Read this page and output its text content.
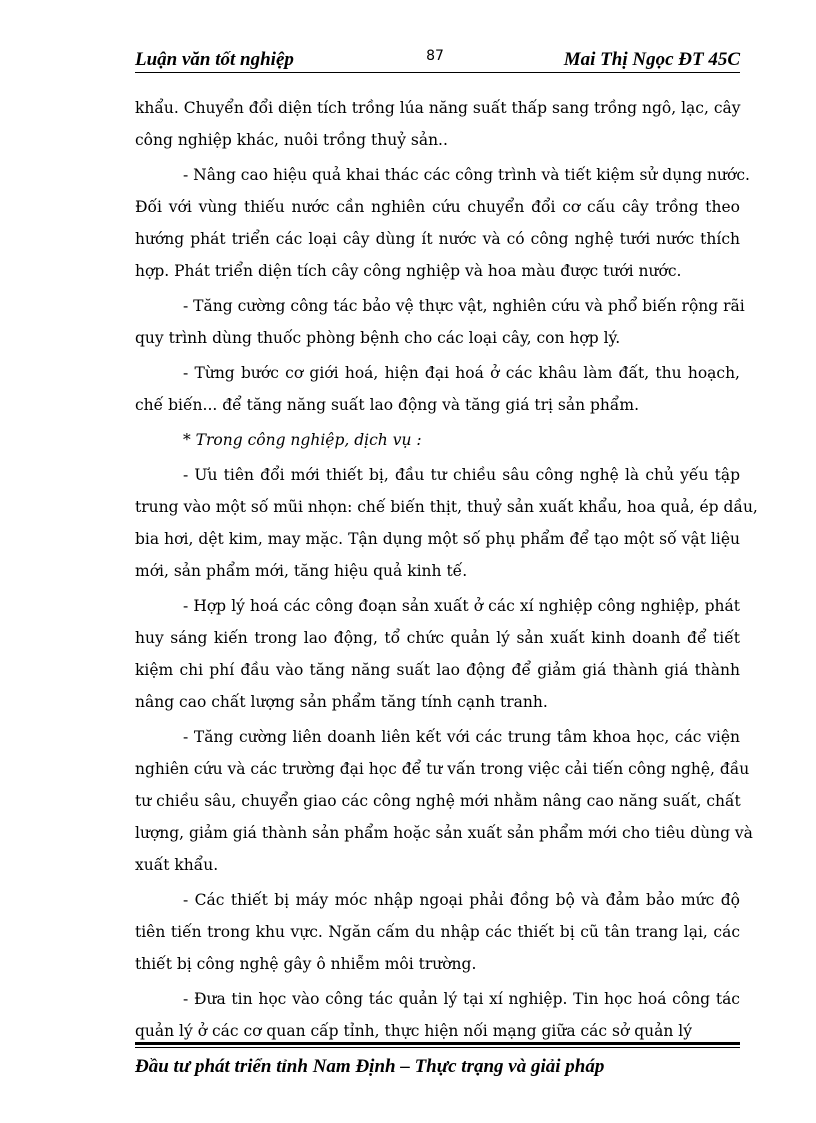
Luận văn tốt nghiệp	87	Mai Thị Ngọc ĐT 45C
khẩu. Chuyển đổi diện tích trồng lúa năng suất thấp sang trồng ngô, lạc, cây
công nghiệp khác, nuôi trồng thuỷ sản..
- Nâng cao hiệu quả khai thác các công trình và tiết kiệm sử dụng nước.
Đối với vùng thiếu nước cần nghiên cứu chuyển đổi cơ cấu cây trồng theo
hướng phát triển các loại cây dùng ít nước và có công nghệ tưới nước thích
hợp. Phát triển diện tích cây công nghiệp và hoa màu được tưới nước.
- Tăng cường công tác bảo vệ thực vật, nghiên cứu và phổ biến rộng rãi
quy trình dùng thuốc phòng bệnh cho các loại cây, con hợp lý.
- Từng bước cơ giới hoá, hiện đại hoá ở các khâu làm đất, thu hoạch,
chế biến... để tăng năng suất lao động và tăng giá trị sản phẩm.
* Trong công nghiệp, dịch vụ :
- Ưu tiên đổi mới thiết bị, đầu tư chiều sâu công nghệ là chủ yếu tập
trung vào một số mũi nhọn: chế biến thịt, thuỷ sản xuất khẩu, hoa quả, ép dầu,
bia hơi, dệt kim, may mặc. Tận dụng một số phụ phẩm để tạo một số vật liệu
mới, sản phẩm mới, tăng hiệu quả kinh tế.
- Hợp lý hoá các công đoạn sản xuất ở các xí nghiệp công nghiệp, phát
huy sáng kiến trong lao động, tổ chức quản lý sản xuất kinh doanh để tiết
kiệm chi phí đầu vào tăng năng suất lao động để giảm giá thành giá thành
nâng cao chất lượng sản phẩm tăng tính cạnh tranh.
- Tăng cường liên doanh liên kết với các trung tâm khoa học, các viện
nghiên cứu và các trường đại học để tư vấn trong việc cải tiến công nghệ, đầu
tư chiều sâu, chuyển giao các công nghệ mới nhằm nâng cao năng suất, chất
lượng, giảm giá thành sản phẩm hoặc sản xuất sản phẩm mới cho tiêu dùng và
xuất khẩu.
- Các thiết bị máy móc nhập ngoại phải đồng bộ và đảm bảo mức độ
tiên tiến trong khu vực. Ngăn cấm du nhập các thiết bị cũ tân trang lại, các
thiết bị công nghệ gây ô nhiễm môi trường.
- Đưa tin học vào công tác quản lý tại xí nghiệp. Tin học hoá công tác
quản lý ở các cơ quan cấp tỉnh, thực hiện nối mạng giữa các sở quản lý
Đầu tư phát triển tỉnh Nam Định – Thực trạng và giải pháp
